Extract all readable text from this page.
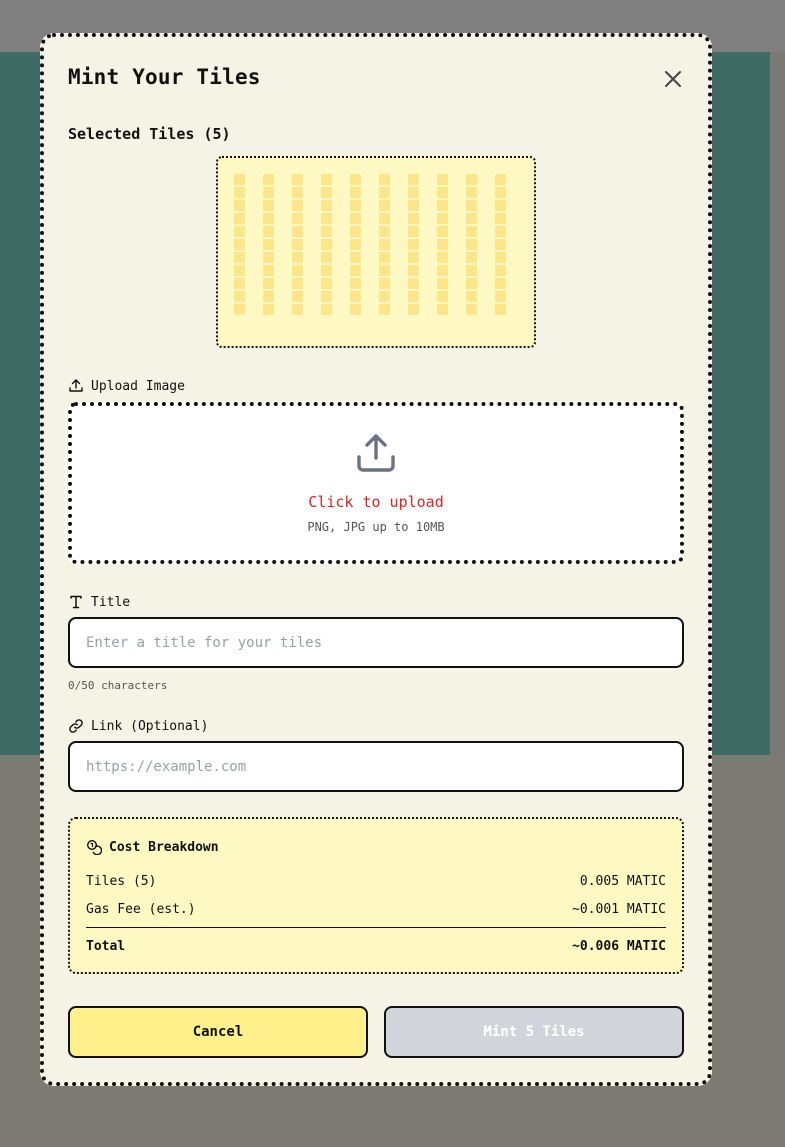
Mint Your Tiles
Selected Tiles (5)
Upload Image
Click to upload
PNG, JPG up to 10MB
Title
Enter a title for your tiles
0/50 characters
Link (Optional)
https://example.com
Cost Breakdown
Tiles (5)	0.005 MATIC
Gas Fee (est.)	~0.001 MATIC
Total	~0.006 MATIC
Cancel	Mint 5 Tiles
